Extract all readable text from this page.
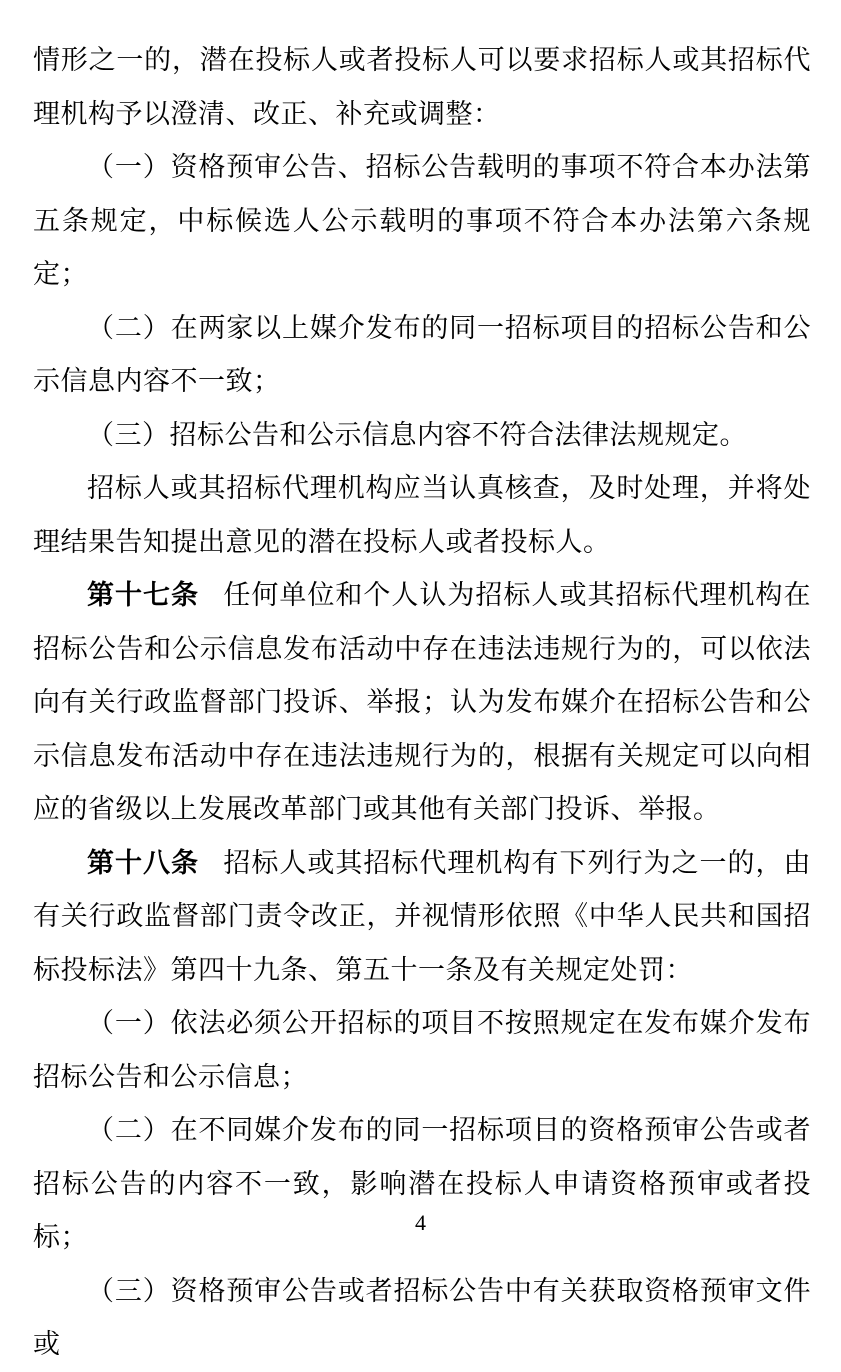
情形之一的，潜在投标人或者投标人可以要求招标人或其招标代理机构予以澄清、改正、补充或调整：

（一）资格预审公告、招标公告载明的事项不符合本办法第五条规定，中标候选人公示载明的事项不符合本办法第六条规定；

（二）在两家以上媒介发布的同一招标项目的招标公告和公示信息内容不一致；

（三）招标公告和公示信息内容不符合法律法规规定。

招标人或其招标代理机构应当认真核查，及时处理，并将处理结果告知提出意见的潜在投标人或者投标人。

第十七条 任何单位和个人认为招标人或其招标代理机构在招标公告和公示信息发布活动中存在违法违规行为的，可以依法向有关行政监督部门投诉、举报；认为发布媒介在招标公告和公示信息发布活动中存在违法违规行为的，根据有关规定可以向相应的省级以上发展改革部门或其他有关部门投诉、举报。

第十八条 招标人或其招标代理机构有下列行为之一的，由有关行政监督部门责令改正，并视情形依照《中华人民共和国招标投标法》第四十九条、第五十一条及有关规定处罚：

（一）依法必须公开招标的项目不按照规定在发布媒介发布招标公告和公示信息；

（二）在不同媒介发布的同一招标项目的资格预审公告或者招标公告的内容不一致，影响潜在投标人申请资格预审或者投标；

（三）资格预审公告或者招标公告中有关获取资格预审文件或

4
